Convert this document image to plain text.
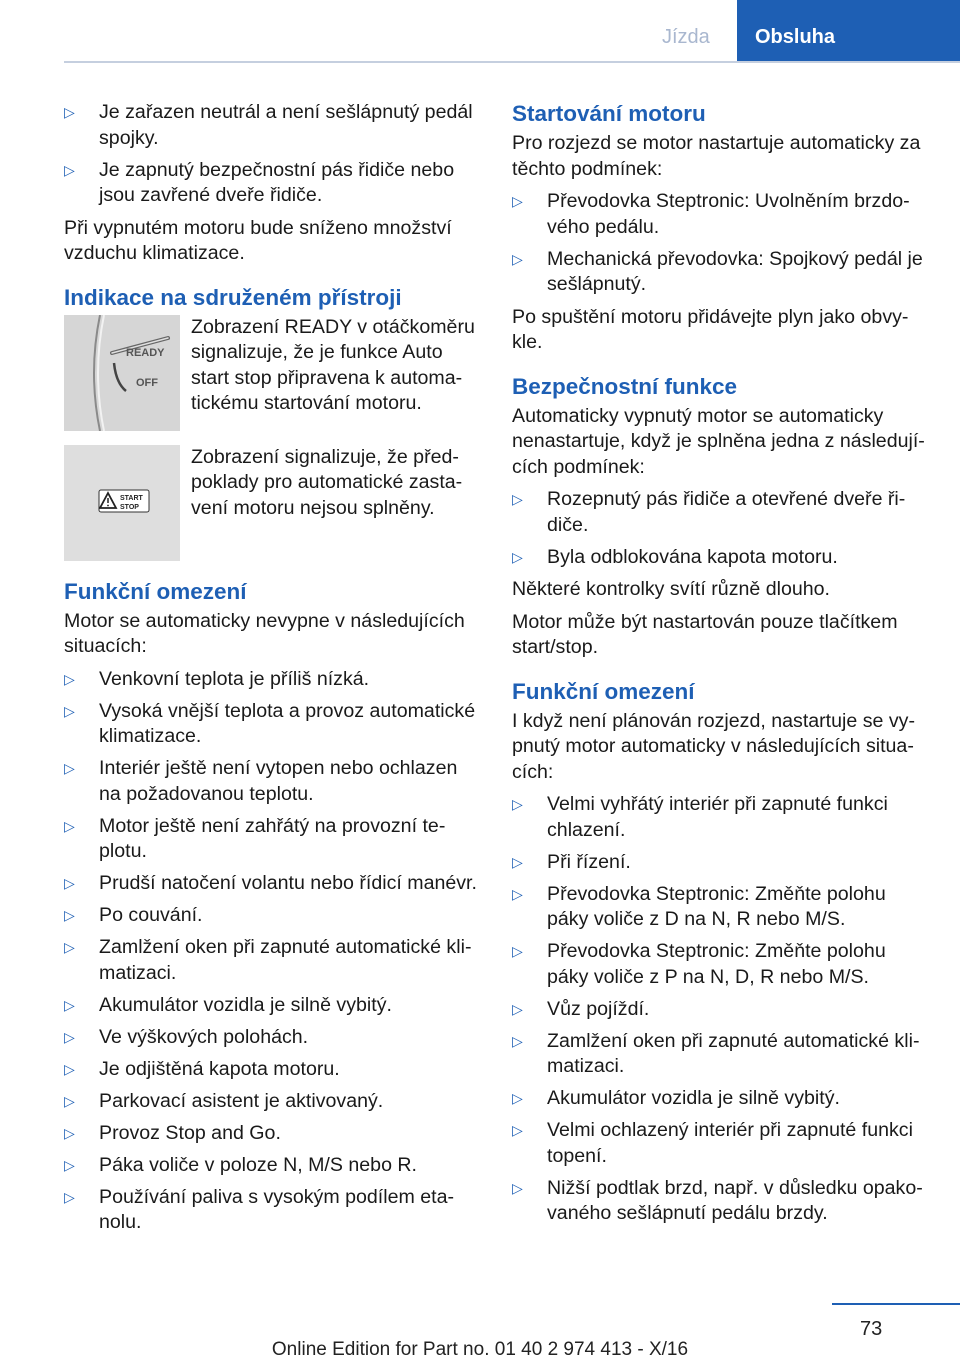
Jízda	Obsluha
▷ Je zařazen neutrál a není sešlápnutý pedál spojky.
▷ Je zapnutý bezpečnostní pás řidiče nebo jsou zavřené dveře řidiče.

Při vypnutém motoru bude sníženo množství vzduchu klimatizace.

Indikace na sdruženém přístroji
READY
OFF
Zobrazení READY v otáčkoměru signalizuje, že je funkce Auto start stop připravena k automatickému startování motoru.
START
STOP
Zobrazení signalizuje, že předpoklady pro automatické zastavení motoru nejsou splněny.
Funkční omezení

Motor se automaticky nevypne v následujících situacích:

▷ Venkovní teplota je příliš nízká.
▷ Vysoká vnější teplota a provoz automatické klimatizace.
▷ Interiér ještě není vytopen nebo ochlazen na požadovanou teplotu.
▷ Motor ještě není zahřátý na provozní teplotu.
▷ Prudší natočení volantu nebo řídicí manévr.
▷ Po couvání.
▷ Zamlžení oken při zapnuté automatické klimatizaci.
▷ Akumulátor vozidla je silně vybitý.
▷ Ve výškových polohách.
▷ Je odjištěná kapota motoru.
▷ Parkovací asistent je aktivovaný.
▷ Provoz Stop and Go.
▷ Páka voliče v poloze N, M/S nebo R.
▷ Používání paliva s vysokým podílem etanolu.
Startování motoru

Pro rozjezd se motor nastartuje automaticky za těchto podmínek:

▷ Převodovka Steptronic: Uvolněním brzdového pedálu.
▷ Mechanická převodovka: Spojkový pedál je sešlápnutý.

Po spuštění motoru přidávejte plyn jako obvykle.

Bezpečnostní funkce

Automaticky vypnutý motor se automaticky nenastartuje, když je splněna jedna z následujících podmínek:

▷ Rozepnutý pás řidiče a otevřené dveře řidiče.
▷ Byla odblokována kapota motoru.

Některé kontrolky svítí různě dlouho.

Motor může být nastartován pouze tlačítkem start/stop.

Funkční omezení

I když není plánován rozjezd, nastartuje se vypnutý motor automaticky v následujících situacích:

▷ Velmi vyhřátý interiér při zapnuté funkci chlazení.
▷ Při řízení.
▷ Převodovka Steptronic: Změňte polohu páky voliče z D na N, R nebo M/S.
▷ Převodovka Steptronic: Změňte polohu páky voliče z P na N, D, R nebo M/S.
▷ Vůz pojíždí.
▷ Zamlžení oken při zapnuté automatické klimatizaci.
▷ Akumulátor vozidla je silně vybitý.
▷ Velmi ochlazený interiér při zapnuté funkci topení.
▷ Nižší podtlak brzd, např. v důsledku opakovaného sešlápnutí pedálu brzdy.
73
Online Edition for Part no. 01 40 2 974 413 - X/16
